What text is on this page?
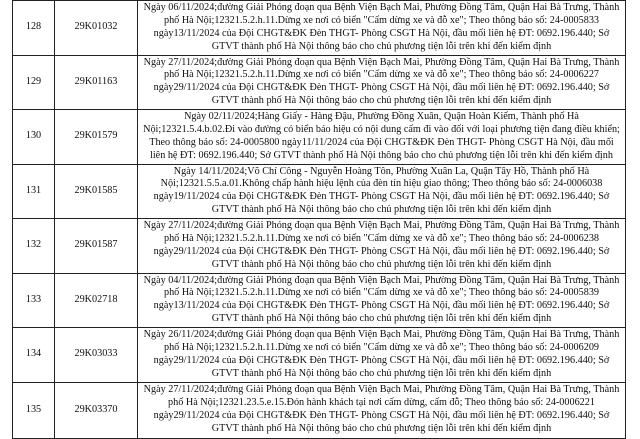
128	29K01032	Ngày 06/11/2024;đường Giải Phóng đoạn qua Bệnh Viện Bạch Mai, Phường Đồng Tâm, Quận Hai Bà Trưng, Thành phố Hà Nội;12321.5.2.h.11.Dừng xe nơi có biển "Cấm dừng xe và đỗ xe"; Theo thông báo số: 24-0005833 ngày13/11/2024 của Đội CHGT&ĐK Đèn THGT- Phòng CSGT Hà Nội, đầu mối liên hệ ĐT: 0692.196.440; Sở GTVT thành phố Hà Nội thông báo cho chủ phương tiện lỗi trên khi đến kiểm định
129	29K01163	Ngày 27/11/2024;đường Giải Phóng đoạn qua Bệnh Viện Bạch Mai, Phường Đồng Tâm, Quận Hai Bà Trưng, Thành phố Hà Nội;12321.5.2.h.11.Dừng xe nơi có biển "Cấm dừng xe và đỗ xe"; Theo thông báo số: 24-0006227 ngày29/11/2024 của Đội CHGT&ĐK Đèn THGT- Phòng CSGT Hà Nội, đầu mối liên hệ ĐT: 0692.196.440; Sở GTVT thành phố Hà Nội thông báo cho chủ phương tiện lỗi trên khi đến kiểm định
130	29K01579	Ngày 02/11/2024;Hàng Giấy - Hàng Đậu, Phường Đồng Xuân, Quận Hoàn Kiếm, Thành phố Hà Nội;12321.5.4.b.02.Đi vào đường có biển báo hiệu có nội dung cấm đi vào đối với loại phương tiện đang điều khiển; Theo thông báo số: 24-0005800 ngày11/11/2024 của Đội CHGT&ĐK Đèn THGT- Phòng CSGT Hà Nội, đầu mối liên hệ ĐT: 0692.196.440; Sở GTVT thành phố Hà Nội thông báo cho chủ phương tiện lỗi trên khi đến kiểm định
131	29K01585	Ngày 14/11/2024;Võ Chí Công - Nguyễn Hoàng Tôn, Phường Xuân La, Quận Tây Hồ, Thành phố Hà Nội;12321.5.5.a.01.Không chấp hành hiệu lệnh của đèn tín hiệu giao thông; Theo thông báo số: 24-0006038 ngày19/11/2024 của Đội CHGT&ĐK Đèn THGT- Phòng CSGT Hà Nội, đầu mối liên hệ ĐT: 0692.196.440; Sở GTVT thành phố Hà Nội thông báo cho chủ phương tiện lỗi trên khi đến kiểm định
132	29K01587	Ngày 27/11/2024;đường Giải Phóng đoạn qua Bệnh Viện Bạch Mai, Phường Đồng Tâm, Quận Hai Bà Trưng, Thành phố Hà Nội;12321.5.2.h.11.Dừng xe nơi có biển "Cấm dừng xe và đỗ xe"; Theo thông báo số: 24-0006238 ngày29/11/2024 của Đội CHGT&ĐK Đèn THGT- Phòng CSGT Hà Nội, đầu mối liên hệ ĐT: 0692.196.440; Sở GTVT thành phố Hà Nội thông báo cho chủ phương tiện lỗi trên khi đến kiểm định
133	29K02718	Ngày 04/11/2024;đường Giải Phóng đoạn qua Bệnh Viện Bạch Mai, Phường Đồng Tâm, Quận Hai Bà Trưng, Thành phố Hà Nội;12321.5.2.h.11.Dừng xe nơi có biển "Cấm dừng xe và đỗ xe"; Theo thông báo số: 24-0005839 ngày13/11/2024 của Đội CHGT&ĐK Đèn THGT- Phòng CSGT Hà Nội, đầu mối liên hệ ĐT: 0692.196.440; Sở GTVT thành phố Hà Nội thông báo cho chủ phương tiện lỗi trên khi đến kiểm định
134	29K03033	Ngày 26/11/2024;đường Giải Phóng đoạn qua Bệnh Viện Bạch Mai, Phường Đồng Tâm, Quận Hai Bà Trưng, Thành phố Hà Nội;12321.5.2.h.11.Dừng xe nơi có biển "Cấm dừng xe và đỗ xe"; Theo thông báo số: 24-0006209 ngày29/11/2024 của Đội CHGT&ĐK Đèn THGT- Phòng CSGT Hà Nội, đầu mối liên hệ ĐT: 0692.196.440; Sở GTVT thành phố Hà Nội thông báo cho chủ phương tiện lỗi trên khi đến kiểm định
135	29K03370	Ngày 27/11/2024;đường Giải Phóng đoạn qua Bệnh Viện Bạch Mai, Phường Đồng Tâm, Quận Hai Bà Trưng, Thành phố Hà Nội;12321.23.5.e.15.Đón hành khách tại nơi cấm dừng, cấm đỗ; Theo thông báo số: 24-0006221 ngày29/11/2024 của Đội CHGT&ĐK Đèn THGT- Phòng CSGT Hà Nội, đầu mối liên hệ ĐT: 0692.196.440; Sở GTVT thành phố Hà Nội thông báo cho chủ phương tiện lỗi trên khi đến kiểm định
